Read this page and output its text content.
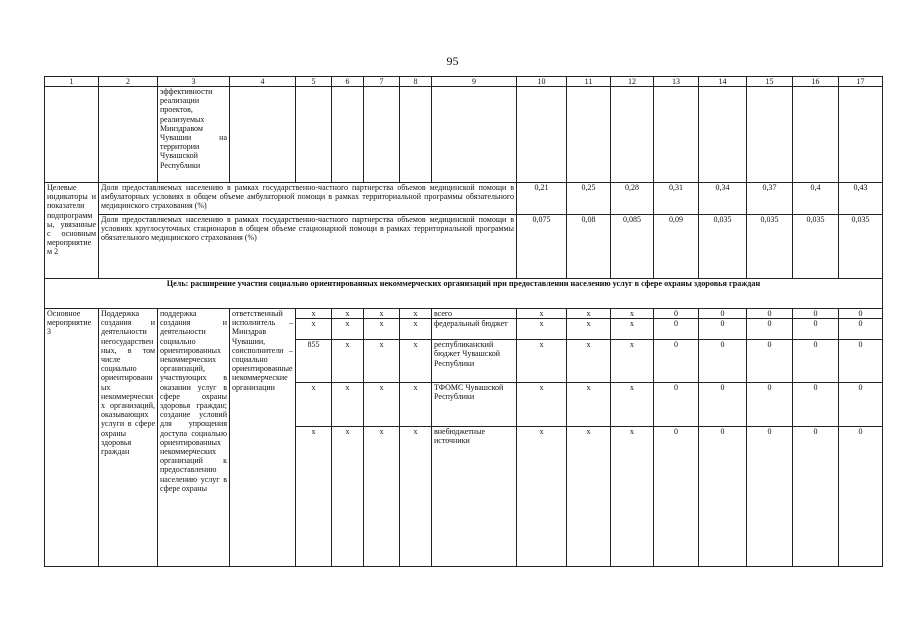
95
1	2	3	4	5	6	7	8	9	10	11	12	13	14	15	16	17
		эффективности реализации проектов, реализуемых Минздравом Чувашии на территории Чувашской Республики														
Целевые индикаторы и показатели подпрограммы, увязанные с основным мероприятием 2	Доля предоставляемых населению в рамках государственно-частного партнерства объемов медицинской помощи в амбулаторных условиях в общем объеме амбулаторной помощи в рамках территориальной программы обязательного медицинского страхования (%)								0,21	0,25	0,28	0,31	0,34	0,37	0,4	0,43
	Доля предоставляемых населению в рамках государственно-частного партнерства объемов медицинской помощи в условиях круглосуточных стационаров в общем объеме стационарной помощи в рамках территориальной программы обязательного медицинского страхования (%)								0,075	0,08	0,085	0,09	0,035	0,035	0,035	0,035
Цель: расширение участия социально ориентированных некоммерческих организаций при предоставлении населению услуг в сфере охраны здоровья граждан																
Основное мероприятие 3	Поддержка создания и деятельности негосударственных, в том числе социально ориентированных некоммерческих организаций, оказывающих услуги в сфере охраны здоровья граждан	поддержка создания и деятельности социально ориентированных некоммерческих организаций, участвующих в оказании услуг в сфере охраны здоровья граждан; создание условий для упрощения доступа социально ориентированных некоммерческих организаций к предоставлению населению услуг в сфере охраны	ответственный исполнитель – Минздрав Чувашии, соисполнители – социально ориентированные некоммерческие организации	x	x	x	x	всего	x	x	x	0	0	0	0	0
				x	x	x	x	федеральный бюджет	x	x	x	0	0	0	0	0
				855	x	x	x	республиканский бюджет Чувашской Республики	x	x	x	0	0	0	0	0
				x	x	x	x	ТФОМС Чувашской Республики	x	x	x	0	0	0	0	0
				x	x	x	x	внебюджетные источники	x	x	x	0	0	0	0	0
